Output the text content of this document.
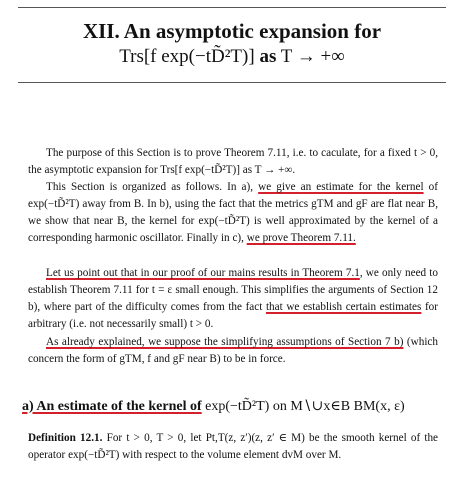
XII. An asymptotic expansion for
Trs[f exp(−tD̃²T)] as T → +∞

The purpose of this Section is to prove Theorem 7.11, i.e. to caculate, for a fixed t > 0, the asymptotic expansion for Trs[f exp(−tD̃²T)] as T → +∞.

This Section is organized as follows. In a), we give an estimate for the kernel of exp(−tD̃²T) away from B. In b), using the fact that the metrics gTM and gF are flat near B, we show that near B, the kernel for exp(−tD̃²T) is well approximated by the kernel of a corresponding harmonic oscillator. Finally in c), we prove Theorem 7.11.

Let us point out that in our proof of our mains results in Theorem 7.1, we only need to establish Theorem 7.11 for t = ε small enough. This simplifies the arguments of Section 12 b), where part of the difficulty comes from the fact that we establish certain estimates for arbitrary (i.e. not necessarily small) t > 0.

As already explained, we suppose the simplifying assumptions of Section 7 b) (which concern the form of gTM, f and gF near B) to be in force.

a) An estimate of the kernel of exp(−tD̃²T) on M∖∪x∈B BM(x, ε)
Definition 12.1. For t > 0, T > 0, let Pt,T(z, z′)(z, z′ ∈ M) be the smooth kernel of the operator exp(−tD̃²T) with respect to the volume element dvM over M.
